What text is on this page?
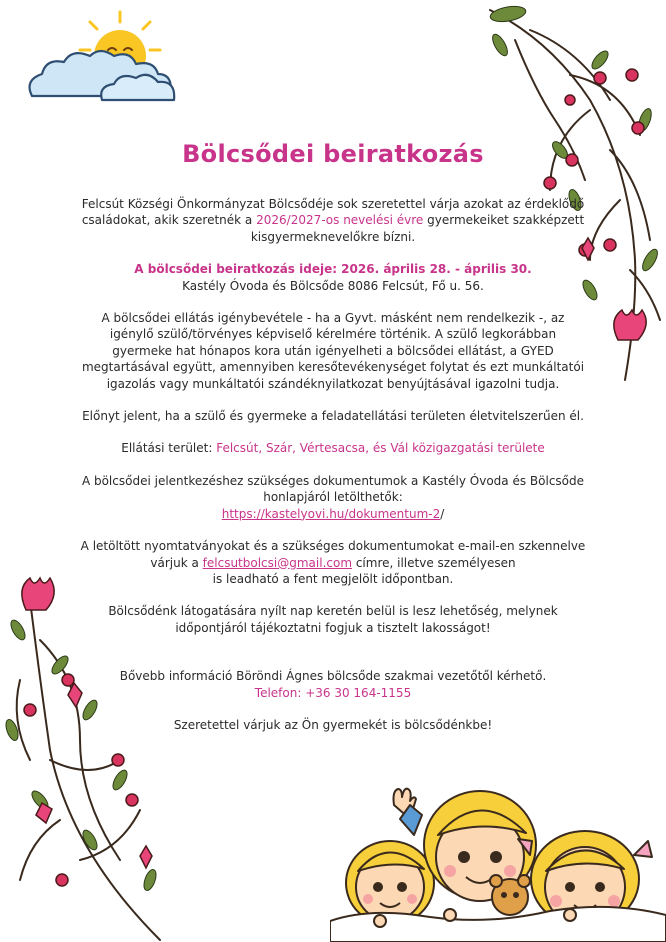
Bölcsődei beiratkozás

Felcsút Községi Önkormányzat Bölcsődéje sok szeretettel várja azokat az érdeklődő családokat, akik szeretnék a 2026/2027-os nevelési évre gyermekeiket szakképzett kisgyermeknevelőkre bízni.

A bölcsődei beiratkozás ideje: 2026. április 28. - április 30.

Kastély Óvoda és Bölcsőde 8086 Felcsút, Fő u. 56.

A bölcsődei ellátás igénybevétele - ha a Gyvt. másként nem rendelkezik -, az igénylő szülő/törvényes képviselő kérelmére történik. A szülő legkorábban gyermeke hat hónapos kora után igényelheti a bölcsődei ellátást, a GYED megtartásával együtt, amennyiben keresőtevékenységet folytat és ezt munkáltatói igazolás vagy munkáltatói szándéknyilatkozat benyújtásával igazolni tudja.

Előnyt jelent, ha a szülő és gyermeke a feladatellátási területen életvitelszerűen él.

Ellátási terület: Felcsút, Szár, Vértesacsa, és Vál közigazgatási területe

A bölcsődei jelentkezéshez szükséges dokumentumok a Kastély Óvoda és Bölcsőde honlapjáról letölthetők:

https://kastelyovi.hu/dokumentum-2/

A letöltött nyomtatványokat és a szükséges dokumentumokat e-mail-en szkennelve várjuk a felcsutbolcsi@gmail.com címre, illetve személyesen
is leadható a fent megjelölt időpontban.

Bölcsődénk látogatására nyílt nap keretén belül is lesz lehetőség, melynek időpontjáról tájékoztatni fogjuk a tisztelt lakosságot!

Bővebb információ Böröndi Ágnes bölcsőde szakmai vezetőtől kérhető.

Telefon: +36 30 164-1155

Szeretettel várjuk az Ön gyermekét is bölcsődénkbe!
